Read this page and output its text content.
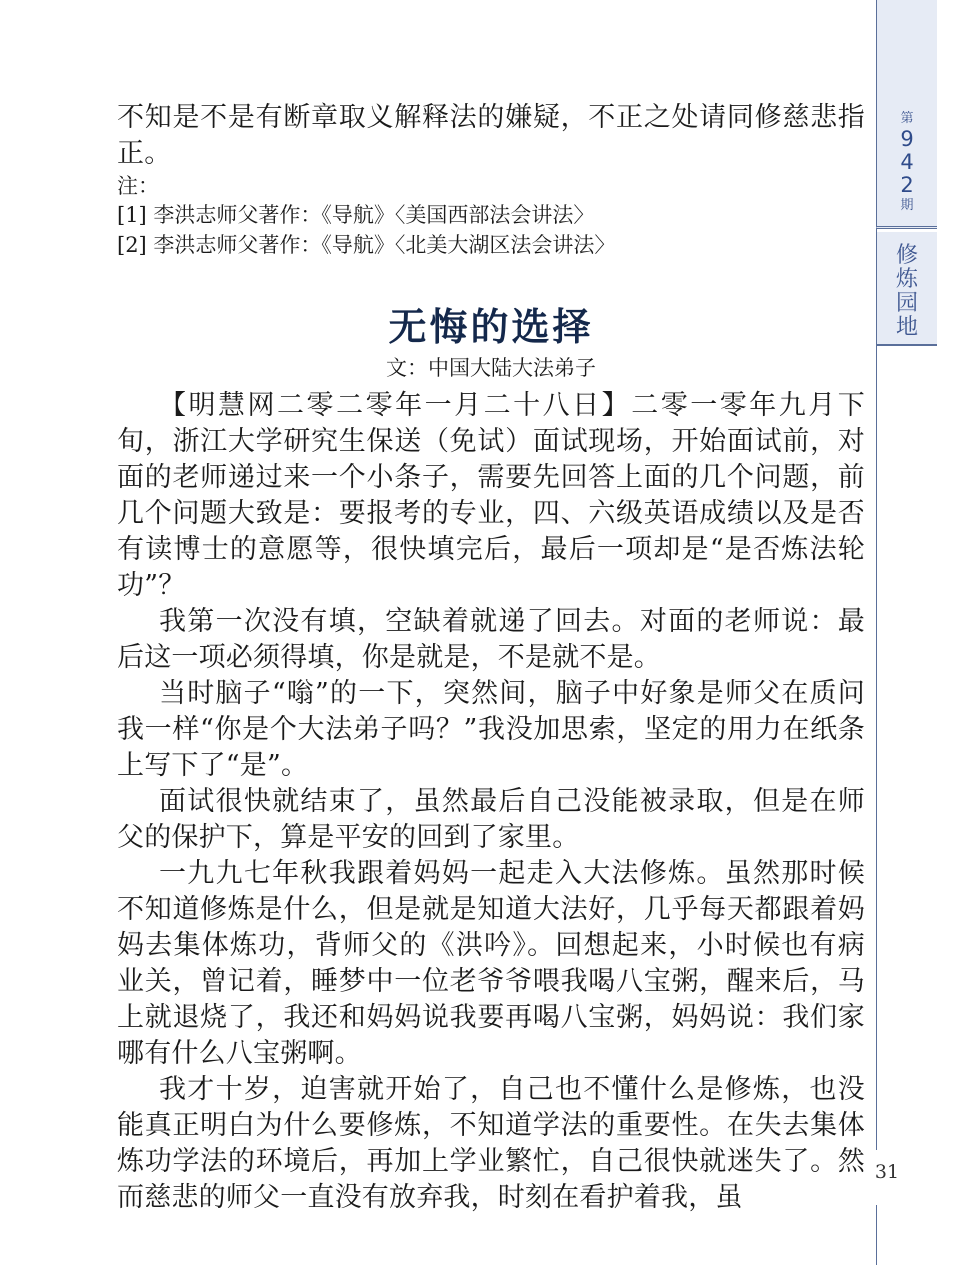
不知是不是有断章取义解释法的嫌疑，不正之处请同修慈悲指正。

注：

[1] 李洪志师父著作：《导航》〈美国西部法会讲法〉

[2] 李洪志师父著作：《导航》〈北美大湖区法会讲法〉

无悔的选择

文：中国大陆大法弟子

【明慧网二零二零年一月二十八日】二零一零年九月下旬，浙江大学研究生保送（免试）面试现场，开始面试前，对面的老师递过来一个小条子，需要先回答上面的几个问题，前几个问题大致是：要报考的专业，四、六级英语成绩以及是否有读博士的意愿等，很快填完后，最后一项却是“是否炼法轮功”？

我第一次没有填，空缺着就递了回去。对面的老师说：最后这一项必须得填，你是就是，不是就不是。

当时脑子“嗡”的一下，突然间，脑子中好象是师父在质问我一样“你是个大法弟子吗？”我没加思索，坚定的用力在纸条上写下了“是”。

面试很快就结束了，虽然最后自己没能被录取，但是在师父的保护下，算是平安的回到了家里。

一九九七年秋我跟着妈妈一起走入大法修炼。虽然那时候不知道修炼是什么，但是就是知道大法好，几乎每天都跟着妈妈去集体炼功，背师父的《洪吟》。回想起来，小时候也有病业关，曾记着，睡梦中一位老爷爷喂我喝八宝粥，醒来后，马上就退烧了，我还和妈妈说我要再喝八宝粥，妈妈说：我们家哪有什么八宝粥啊。

我才十岁，迫害就开始了，自己也不懂什么是修炼，也没能真正明白为什么要修炼，不知道学法的重要性。在失去集体炼功学法的环境后，再加上学业繁忙，自己很快就迷失了。然而慈悲的师父一直没有放弃我，时刻在看护着我，虽

第
9
4
2
期
修
炼
园
地
31
